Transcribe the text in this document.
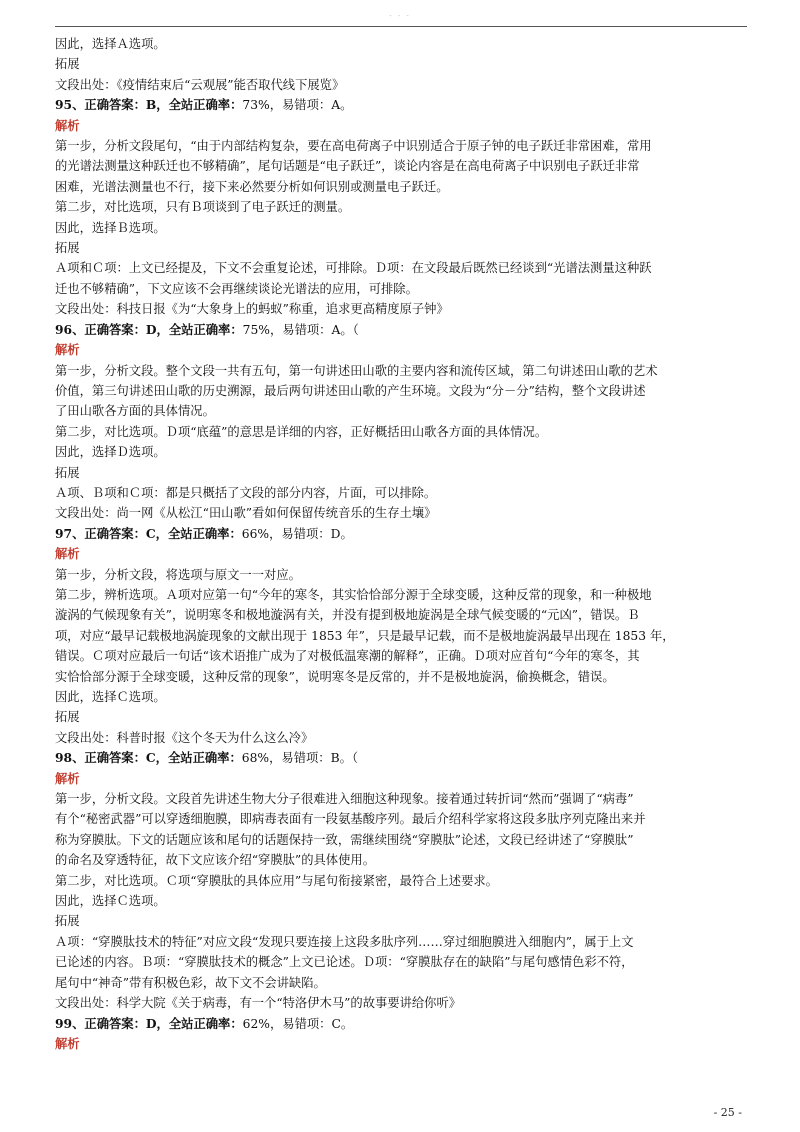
- - -
因此，选择Ａ选项。
拓展
文段出处：《疫情结束后“云观展”能否取代线下展览》
95、正确答案：B，全站正确率：73%，易错项：A。
解析
第一步，分析文段尾句，“由于内部结构复杂，要在高电荷离子中识别适合于原子钟的电子跃迁非常困难，常用
的光谱法测量这种跃迁也不够精确”，尾句话题是“电子跃迁”，谈论内容是在高电荷离子中识别电子跃迁非常
困难，光谱法测量也不行，接下来必然要分析如何识别或测量电子跃迁。
第二步，对比选项，只有Ｂ项谈到了电子跃迁的测量。
因此，选择Ｂ选项。
拓展
Ａ项和Ｃ项：上文已经提及，下文不会重复论述，可排除。Ｄ项：在文段最后既然已经谈到“光谱法测量这种跃
迁也不够精确”，下文应该不会再继续谈论光谱法的应用，可排除。
文段出处：科技日报《为“大象身上的蚂蚁”称重，追求更高精度原子钟》
96、正确答案：D，全站正确率：75%，易错项：A。（
解析
第一步，分析文段。整个文段一共有五句，第一句讲述田山歌的主要内容和流传区域，第二句讲述田山歌的艺术
价值，第三句讲述田山歌的历史溯源，最后两句讲述田山歌的产生环境。文段为“分－分”结构，整个文段讲述
了田山歌各方面的具体情况。
第二步，对比选项。Ｄ项“底蕴”的意思是详细的内容，正好概括田山歌各方面的具体情况。
因此，选择Ｄ选项。
拓展
Ａ项、Ｂ项和Ｃ项：都是只概括了文段的部分内容，片面，可以排除。
文段出处：尚一网《从松江“田山歌”看如何保留传统音乐的生存土壤》
97、正确答案：C，全站正确率：66%，易错项：D。
解析
第一步，分析文段，将选项与原文一一对应。
第二步，辨析选项。Ａ项对应第一句“今年的寒冬，其实恰恰部分源于全球变暖，这种反常的现象，和一种极地
漩涡的气候现象有关”，说明寒冬和极地漩涡有关，并没有提到极地旋涡是全球气候变暖的“元凶”，错误。Ｂ
项，对应“最早记载极地涡旋现象的文献出现于 1853 年”，只是最早记载，而不是极地旋涡最早出现在 1853 年，
错误。Ｃ项对应最后一句话“该术语推广成为了对极低温寒潮的解释”，正确。Ｄ项对应首句“今年的寒冬，其
实恰恰部分源于全球变暖，这种反常的现象”，说明寒冬是反常的，并不是极地旋涡，偷换概念，错误。
因此，选择Ｃ选项。
拓展
文段出处：科普时报《这个冬天为什么这么冷》
98、正确答案：C，全站正确率：68%，易错项：B。（
解析
第一步，分析文段。文段首先讲述生物大分子很难进入细胞这种现象。接着通过转折词“然而”强调了“病毒”
有个“秘密武器”可以穿透细胞膜，即病毒表面有一段氨基酸序列。最后介绍科学家将这段多肽序列克隆出来并
称为穿膜肽。下文的话题应该和尾句的话题保持一致，需继续围绕“穿膜肽”论述，文段已经讲述了“穿膜肽”
的命名及穿透特征，故下文应该介绍“穿膜肽”的具体使用。
第二步，对比选项。Ｃ项“穿膜肽的具体应用”与尾句衔接紧密，最符合上述要求。
因此，选择Ｃ选项。
拓展
Ａ项：“穿膜肽技术的特征”对应文段“发现只要连接上这段多肽序列……穿过细胞膜进入细胞内”，属于上文
已论述的内容。Ｂ项：“穿膜肽技术的概念”上文已论述。Ｄ项：“穿膜肽存在的缺陷”与尾句感情色彩不符，
尾句中“神奇”带有积极色彩，故下文不会讲缺陷。
文段出处：科学大院《关于病毒，有一个“特洛伊木马”的故事要讲给你听》
99、正确答案：D，全站正确率：62%，易错项：C。
解析
- 25 -
